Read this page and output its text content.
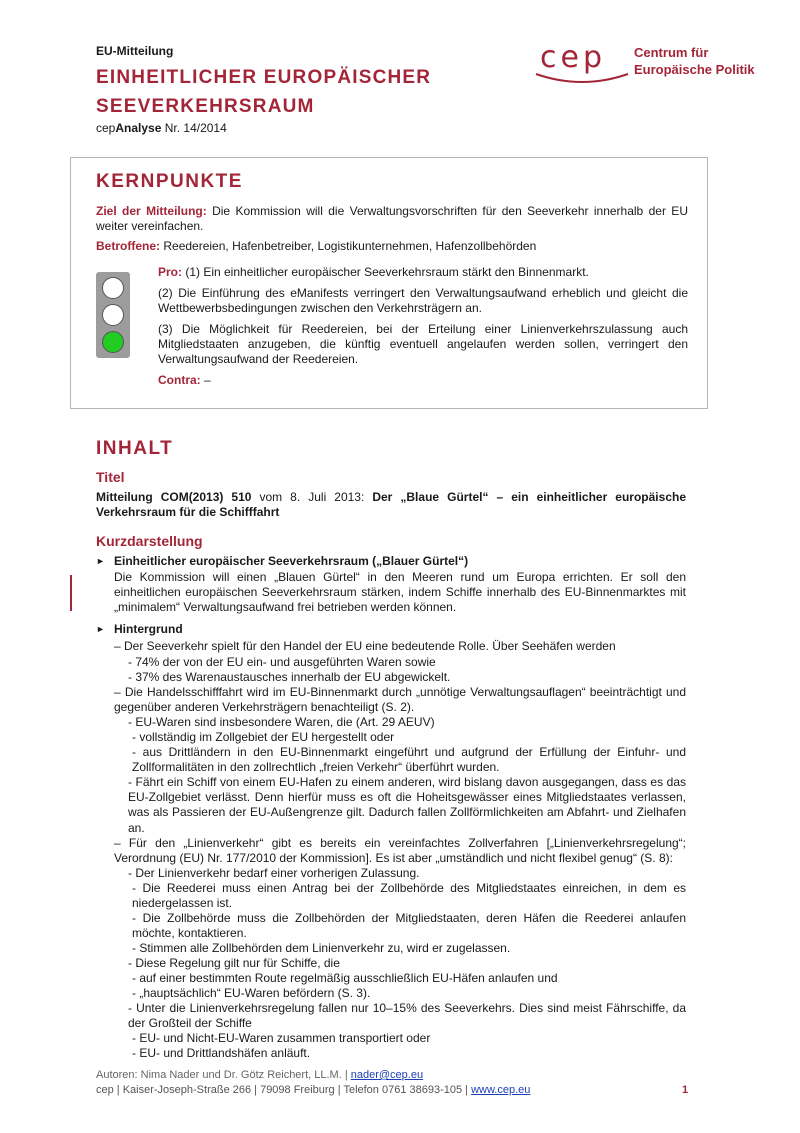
EU-Mitteilung
EINHEITLICHER EUROPÄISCHER
SEEVERKEHRSRAUM
cepAnalyse Nr. 14/2014
cep Centrum für
Europäische Politik
KERNPUNKTE
Ziel der Mitteilung: Die Kommission will die Verwaltungsvorschriften für den Seeverkehr innerhalb der EU weiter vereinfachen.
Betroffene: Reedereien, Hafenbetreiber, Logistikunternehmen, Hafenzollbehörden
Pro: (1) Ein einheitlicher europäischer Seeverkehrsraum stärkt den Binnenmarkt.
(2) Die Einführung des eManifests verringert den Verwaltungsaufwand erheblich und gleicht die Wettbewerbsbedingungen zwischen den Verkehrsträgern an.
(3) Die Möglichkeit für Reedereien, bei der Erteilung einer Linienverkehrszulassung auch Mitgliedstaaten anzugeben, die künftig eventuell angelaufen werden sollen, verringert den Verwaltungsaufwand der Reedereien.
Contra: –
INHALT
Titel
Mitteilung COM(2013) 510 vom 8. Juli 2013: Der „Blaue Gürtel“ – ein einheitlicher europäische Verkehrsraum für die Schifffahrt
Kurzdarstellung
► Einheitlicher europäischer Seeverkehrsraum („Blauer Gürtel“)
Die Kommission will einen „Blauen Gürtel“ in den Meeren rund um Europa errichten. Er soll den einheitlichen europäischen Seeverkehrsraum stärken, indem Schiffe innerhalb des EU-Binnenmarktes mit „minimalem“ Verwaltungsaufwand frei betrieben werden können.
► Hintergrund
– Der Seeverkehr spielt für den Handel der EU eine bedeutende Rolle. Über Seehäfen werden
- 74% der von der EU ein- und ausgeführten Waren sowie
- 37% des Warenaustausches innerhalb der EU abgewickelt.
– Die Handelsschifffahrt wird im EU-Binnenmarkt durch „unnötige Verwaltungsauflagen“ beeinträchtigt und gegenüber anderen Verkehrsträgern benachteiligt (S. 2).
- EU-Waren sind insbesondere Waren, die (Art. 29 AEUV)
- vollständig im Zollgebiet der EU hergestellt oder
- aus Drittländern in den EU-Binnenmarkt eingeführt und aufgrund der Erfüllung der Einfuhr- und Zollformalitäten in den zollrechtlich „freien Verkehr“ überführt wurden.
- Fährt ein Schiff von einem EU-Hafen zu einem anderen, wird bislang davon ausgegangen, dass es das EU-Zollgebiet verlässt. Denn hierfür muss es oft die Hoheitsgewässer eines Mitgliedstaates verlassen, was als Passieren der EU-Außengrenze gilt. Dadurch fallen Zollförmlichkeiten am Abfahrt- und Zielhafen an.
– Für den „Linienverkehr“ gibt es bereits ein vereinfachtes Zollverfahren [„Linienverkehrsregelung“; Verordnung (EU) Nr. 177/2010 der Kommission]. Es ist aber „umständlich und nicht flexibel genug“ (S. 8):
- Der Linienverkehr bedarf einer vorherigen Zulassung.
- Die Reederei muss einen Antrag bei der Zollbehörde des Mitgliedstaates einreichen, in dem es niedergelassen ist.
- Die Zollbehörde muss die Zollbehörden der Mitgliedstaaten, deren Häfen die Reederei anlaufen möchte, kontaktieren.
- Stimmen alle Zollbehörden dem Linienverkehr zu, wird er zugelassen.
- Diese Regelung gilt nur für Schiffe, die
- auf einer bestimmten Route regelmäßig ausschließlich EU-Häfen anlaufen und
- „hauptsächlich“ EU-Waren befördern (S. 3).
- Unter die Linienverkehrsregelung fallen nur 10–15% des Seeverkehrs. Dies sind meist Fährschiffe, da der Großteil der Schiffe
- EU- und Nicht-EU-Waren zusammen transportiert oder
- EU- und Drittlandshäfen anläuft.
Autoren: Nima Nader und Dr. Götz Reichert, LL.M. | nader@cep.eu
cep | Kaiser-Joseph-Straße 266 | 79098 Freiburg | Telefon 0761 38693-105 | www.cep.eu	1
